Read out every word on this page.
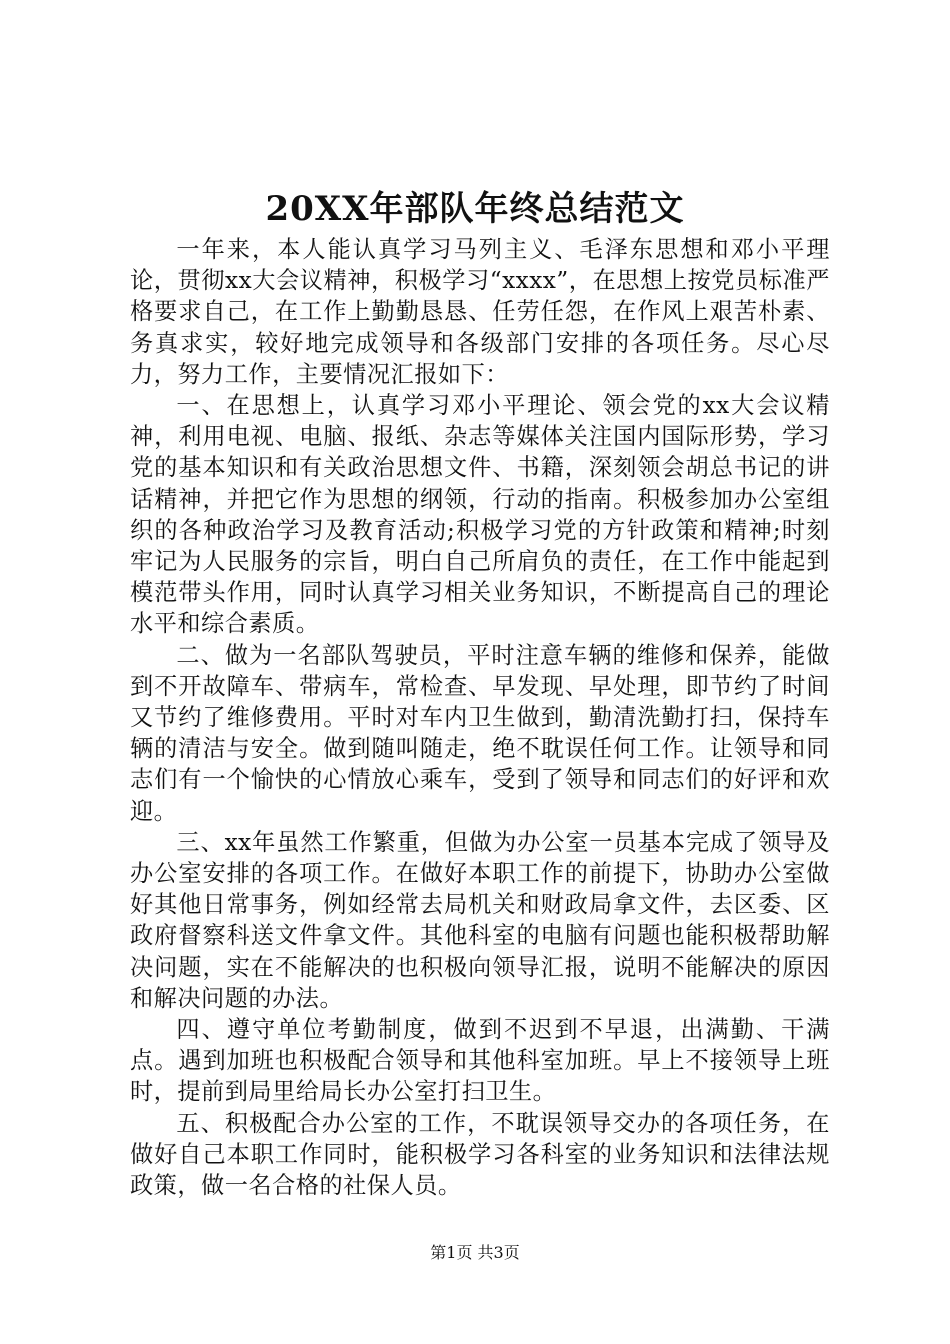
20XX年部队年终总结范文

一年来，本人能认真学习马列主义、毛泽东思想和邓小平理论，贯彻xx大会议精神，积极学习“xxxx”，在思想上按党员标准严格要求自己，在工作上勤勤恳恳、任劳任怨，在作风上艰苦朴素、务真求实，较好地完成领导和各级部门安排的各项任务。尽心尽力，努力工作，主要情况汇报如下：

一、在思想上，认真学习邓小平理论、领会党的xx大会议精神，利用电视、电脑、报纸、杂志等媒体关注国内国际形势，学习党的基本知识和有关政治思想文件、书籍，深刻领会胡总书记的讲话精神，并把它作为思想的纲领，行动的指南。积极参加办公室组织的各种政治学习及教育活动;积极学习党的方针政策和精神;时刻牢记为人民服务的宗旨，明白自己所肩负的责任，在工作中能起到模范带头作用，同时认真学习相关业务知识，不断提高自己的理论水平和综合素质。

二、做为一名部队驾驶员，平时注意车辆的维修和保养，能做到不开故障车、带病车，常检查、早发现、早处理，即节约了时间又节约了维修费用。平时对车内卫生做到，勤清洗勤打扫，保持车辆的清洁与安全。做到随叫随走，绝不耽误任何工作。让领导和同志们有一个愉快的心情放心乘车，受到了领导和同志们的好评和欢迎。

三、xx年虽然工作繁重，但做为办公室一员基本完成了领导及办公室安排的各项工作。在做好本职工作的前提下，协助办公室做好其他日常事务，例如经常去局机关和财政局拿文件，去区委、区政府督察科送文件拿文件。其他科室的电脑有问题也能积极帮助解决问题，实在不能解决的也积极向领导汇报，说明不能解决的原因和解决问题的办法。

四、遵守单位考勤制度，做到不迟到不早退，出满勤、干满点。遇到加班也积极配合领导和其他科室加班。早上不接领导上班时，提前到局里给局长办公室打扫卫生。

五、积极配合办公室的工作，不耽误领导交办的各项任务，在做好自己本职工作同时，能积极学习各科室的业务知识和法律法规政策，做一名合格的社保人员。

第1页 共3页
